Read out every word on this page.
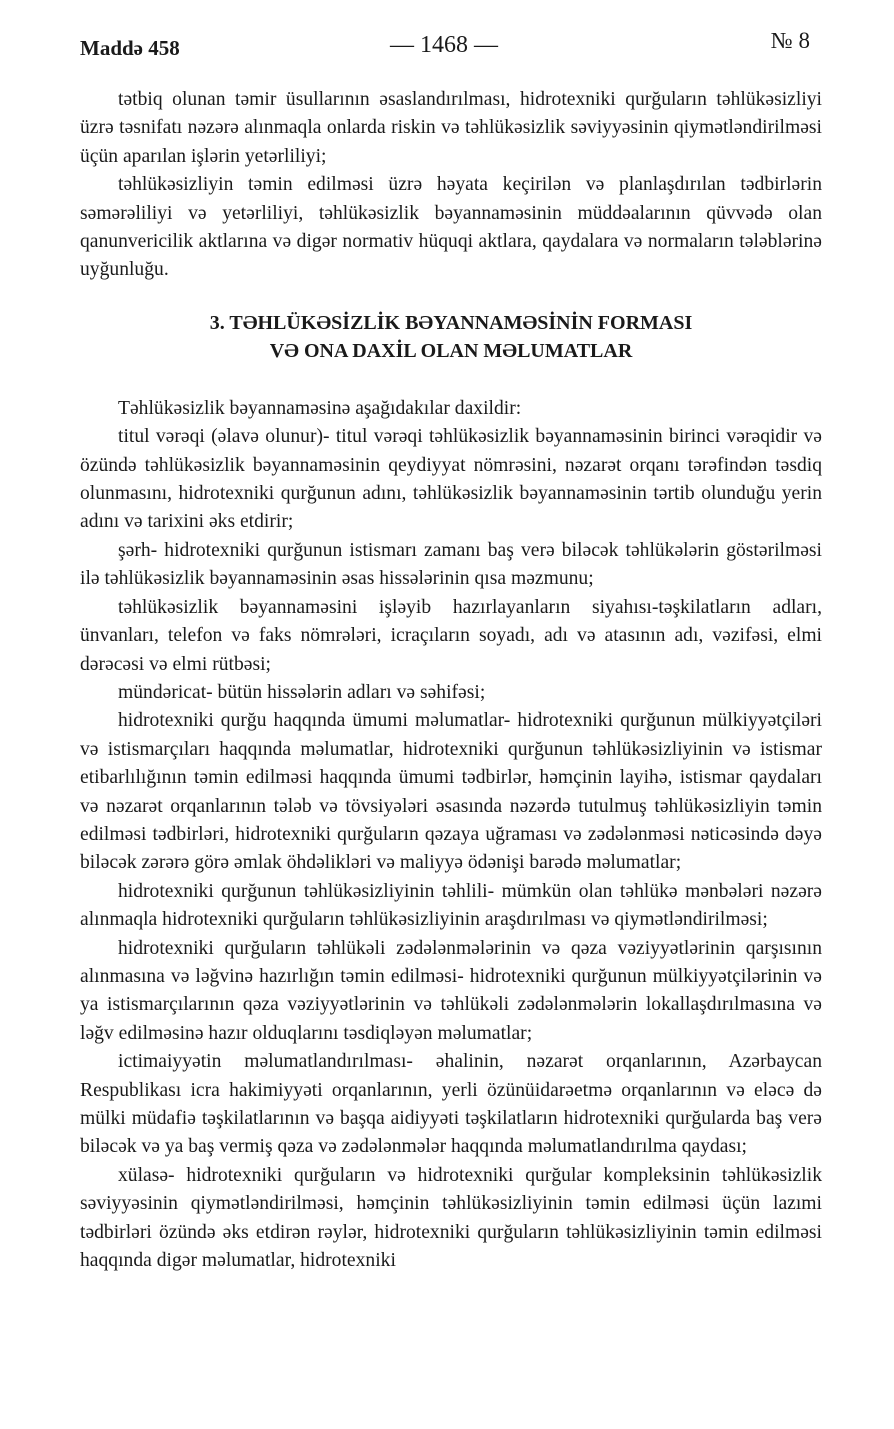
Maddə 458	— 1468 —	№ 8

tətbiq olunan təmir üsullarının əsaslandırılması, hidrotexniki qurğuların təhlükəsizliyi üzrə təsnifatı nəzərə alınmaqla onlarda riskin və təhlükəsizlik səviyyəsinin qiymətləndirilməsi üçün aparılan işlərin yetərliliyi;

təhlükəsizliyin təmin edilməsi üzrə həyata keçirilən və planlaşdırılan tədbirlərin səmərəliliyi və yetərliliyi, təhlükəsizlik bəyannaməsinin müddəalarının qüvvədə olan qanunvericilik aktlarına və digər normativ hüquqi aktlara, qaydalara və normaların tələblərinə uyğunluğu.

3. TƏHLÜKƏSİZLİK BƏYANNAMƏSİNİN FORMASI
VƏ ONA DAXİL OLAN MƏLUMATLAR

Təhlükəsizlik bəyannaməsinə aşağıdakılar daxildir:

titul vərəqi (əlavə olunur)- titul vərəqi təhlükəsizlik bəyannaməsinin birinci vərəqidir və özündə təhlükəsizlik bəyannaməsinin qeydiyyat nömrəsini, nəzarət orqanı tərəfindən təsdiq olunmasını, hidrotexniki qurğunun adını, təhlükəsizlik bəyannaməsinin tərtib olunduğu yerin adını və tarixini əks etdirir;

şərh- hidrotexniki qurğunun istismarı zamanı baş verə biləcək təhlükələrin göstərilməsi ilə təhlükəsizlik bəyannaməsinin əsas hissələrinin qısa məzmunu;

təhlükəsizlik bəyannaməsini işləyib hazırlayanların siyahısı-təşkilatların adları, ünvanları, telefon və faks nömrələri, icraçıların soyadı, adı və atasının adı, vəzifəsi, elmi dərəcəsi və elmi rütbəsi;

mündəricat- bütün hissələrin adları və səhifəsi;

hidrotexniki qurğu haqqında ümumi məlumatlar- hidrotexniki qurğunun mülkiyyətçiləri və istismarçıları haqqında məlumatlar, hidrotexniki qurğunun təhlükəsizliyinin və istismar etibarlılığının təmin edilməsi haqqında ümumi tədbirlər, həmçinin layihə, istismar qaydaları və nəzarət orqanlarının tələb və tövsiyələri əsasında nəzərdə tutulmuş təhlükəsizliyin təmin edilməsi tədbirləri, hidrotexniki qurğuların qəzaya uğraması və zədələnməsi nəticəsində dəyə biləcək zərərə görə əmlak öhdəlikləri və maliyyə ödənişi barədə məlumatlar;

hidrotexniki qurğunun təhlükəsizliyinin təhlili- mümkün olan təhlükə mənbələri nəzərə alınmaqla hidrotexniki qurğuların təhlükəsizliyinin araşdırılması və qiymətləndirilməsi;

hidrotexniki qurğuların təhlükəli zədələnmələrinin və qəza vəziyyətlərinin qarşısının alınmasına və ləğvinə hazırlığın təmin edilməsi- hidrotexniki qurğunun mülkiyyətçilərinin və ya istismarçılarının qəza vəziyyətlərinin və təhlükəli zədələnmələrin lokallaşdırılmasına və ləğv edilməsinə hazır olduqlarını təsdiqləyən məlumatlar;

ictimaiyyətin məlumatlandırılması- əhalinin, nəzarət orqanlarının, Azərbaycan Respublikası icra hakimiyyəti orqanlarının, yerli özünüidarəetmə orqanlarının və eləcə də mülki müdafiə təşkilatlarının və başqa aidiyyəti təşkilatların hidrotexniki qurğularda baş verə biləcək və ya baş vermiş qəza və zədələnmələr haqqında məlumatlandırılma qaydası;

xülasə- hidrotexniki qurğuların və hidrotexniki qurğular kompleksinin təhlükəsizlik səviyyəsinin qiymətləndirilməsi, həmçinin təhlükəsizliyinin təmin edilməsi üçün lazımi tədbirləri özündə əks etdirən rəylər, hidrotexniki qurğuların təhlükəsizliyinin təmin edilməsi haqqında digər məlumatlar, hidrotexniki
